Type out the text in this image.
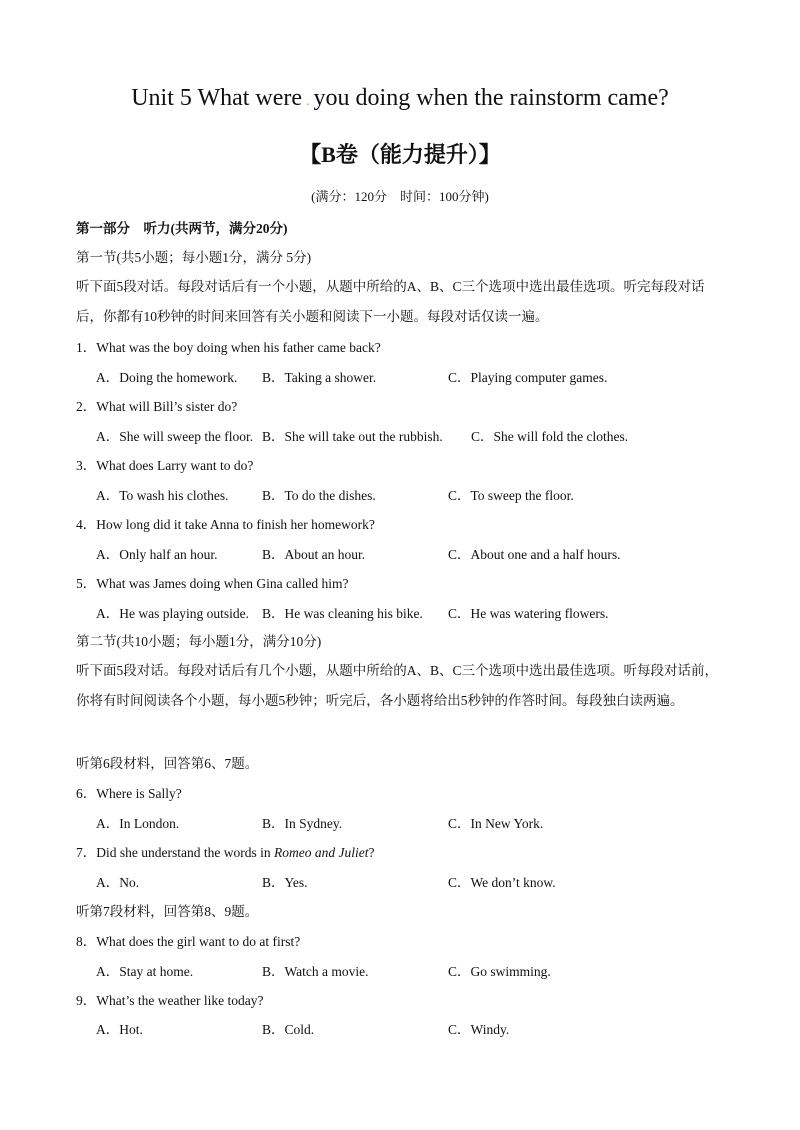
Unit 5 What were . you doing when the rainstorm came?
【B卷（能力提升）】
(满分：120分　时间：100分钟)
第一部分　听力(共两节，满分20分)
第一节(共5小题；每小题1分，满分 5分)
听下面5段对话。每段对话后有一个小题，从题中所给的A、B、C三个选项中选出最佳选项。听完每段对话后，你都有10秒钟的时间来回答有关小题和阅读下一小题。每段对话仅读一遍。
1．What was the boy doing when his father came back?
A．Doing the homework. B．Taking a shower.	C．Playing computer games.
2．What will Bill’s sister do?
A．She will sweep the floor. B．She will take out the rubbish. C．She will fold the clothes.
3．What does Larry want to do?
A．To wash his clothes. B．To do the dishes.	C．To sweep the floor.
4．How long did it take Anna to finish her homework?
A．Only half an hour.	B．About an hour.	C．About one and a half hours.
5．What was James doing when Gina called him?
A．He was playing outside. B．He was cleaning his bike. C．He was watering flowers.
第二节(共10小题；每小题1分，满分10分)
听下面5段对话。每段对话后有几个小题，从题中所给的A、B、C三个选项中选出最佳选项。听每段对话前，你将有时间阅读各个小题，每小题5秒钟；听完后，各小题将给出5秒钟的作答时间。每段独白读两遍。
听第6段材料，回答第6、7题。
6．Where is Sally?
A．In London.	B．In Sydney.	C．In New York.
7．Did she understand the words in Romeo and Juliet?
A．No.	B．Yes.	C．We don’t know.
听第7段材料，回答第8、9题。
8．What does the girl want to do at first?
A．Stay at home.	B．Watch a movie.	C．Go swimming.
9．What’s the weather like today?
A．Hot.	B．Cold.	C．Windy.
